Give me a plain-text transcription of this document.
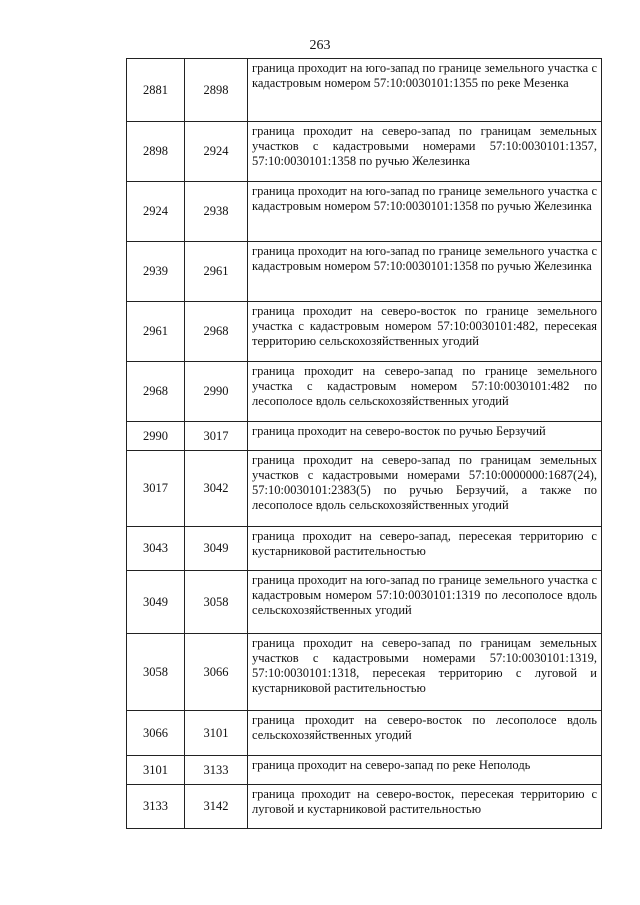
263
2881	2898	граница проходит на юго-запад по границе земельного участка с кадастровым номером 57:10:0030101:1355 по реке Мезенка
2898	2924	граница проходит на северо-запад по границам земельных участков с кадастровыми номерами 57:10:0030101:1357, 57:10:0030101:1358 по ручью Железинка
2924	2938	граница проходит на юго-запад по границе земельного участка с кадастровым номером 57:10:0030101:1358 по ручью Железинка
2939	2961	граница проходит на юго-запад по границе земельного участка с кадастровым номером 57:10:0030101:1358 по ручью Железинка
2961	2968	граница проходит на северо-восток по границе земельного участка с кадастровым номером 57:10:0030101:482, пересекая территорию сельскохозяйственных угодий
2968	2990	граница проходит на северо-запад по границе земельного участка с кадастровым номером 57:10:0030101:482 по лесополосе вдоль сельскохозяйственных угодий
2990	3017	граница проходит на северо-восток по ручью Берзучий
3017	3042	граница проходит на северо-запад по границам земельных участков с кадастровыми номерами 57:10:0000000:1687(24), 57:10:0030101:2383(5) по ручью Берзучий, а также по лесополосе вдоль сельскохозяйственных угодий
3043	3049	граница проходит на северо-запад, пересекая территорию с кустарниковой растительностью
3049	3058	граница проходит на юго-запад по границе земельного участка с кадастровым номером 57:10:0030101:1319 по лесополосе вдоль сельскохозяйственных угодий
3058	3066	граница проходит на северо-запад по границам земельных участков с кадастровыми номерами 57:10:0030101:1319, 57:10:0030101:1318, пересекая территорию с луговой и кустарниковой растительностью
3066	3101	граница проходит на северо-восток по лесополосе вдоль сельскохозяйственных угодий
3101	3133	граница проходит на северо-запад по реке Неполодь
3133	3142	граница проходит на северо-восток, пересекая территорию с луговой и кустарниковой растительностью
